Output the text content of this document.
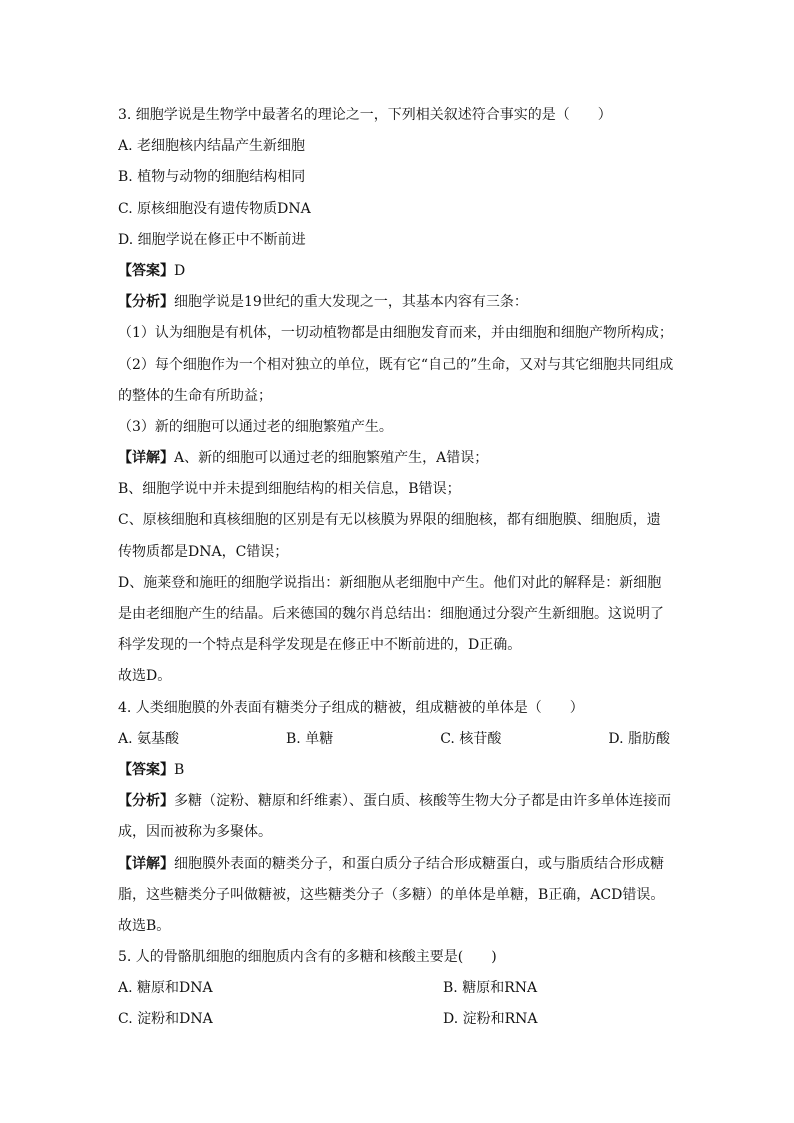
3. 细胞学说是生物学中最著名的理论之一，下列相关叙述符合事实的是（　　）
A. 老细胞核内结晶产生新细胞
B. 植物与动物的细胞结构相同
C. 原核细胞没有遗传物质DNA
D. 细胞学说在修正中不断前进
【答案】D
【分析】细胞学说是19世纪的重大发现之一，其基本内容有三条：
（1）认为细胞是有机体，一切动植物都是由细胞发育而来，并由细胞和细胞产物所构成；
（2）每个细胞作为一个相对独立的单位，既有它“自己的”生命，又对与其它细胞共同组成
的整体的生命有所助益；
（3）新的细胞可以通过老的细胞繁殖产生。
【详解】A、新的细胞可以通过老的细胞繁殖产生，A错误；
B、细胞学说中并未提到细胞结构的相关信息，B错误；
C、原核细胞和真核细胞的区别是有无以核膜为界限的细胞核，都有细胞膜、细胞质，遗
传物质都是DNA，C错误；
D、施莱登和施旺的细胞学说指出：新细胞从老细胞中产生。他们对此的解释是：新细胞
是由老细胞产生的结晶。后来德国的魏尔肖总结出：细胞通过分裂产生新细胞。这说明了
科学发现的一个特点是科学发现是在修正中不断前进的，D正确。
故选D。
4. 人类细胞膜的外表面有糖类分子组成的糖被，组成糖被的单体是（　　）
A. 氨基酸	B. 单糖	C. 核苷酸	D. 脂肪酸
【答案】B
【分析】多糖（淀粉、糖原和纤维素）、蛋白质、核酸等生物大分子都是由许多单体连接而
成，因而被称为多聚体。
【详解】细胞膜外表面的糖类分子，和蛋白质分子结合形成糖蛋白，或与脂质结合形成糖
脂，这些糖类分子叫做糖被，这些糖类分子（多糖）的单体是单糖，B正确，ACD错误。
故选B。
5. 人的骨骼肌细胞的细胞质内含有的多糖和核酸主要是(　　)
A. 糖原和DNA	B. 糖原和RNA
C. 淀粉和DNA	D. 淀粉和RNA
